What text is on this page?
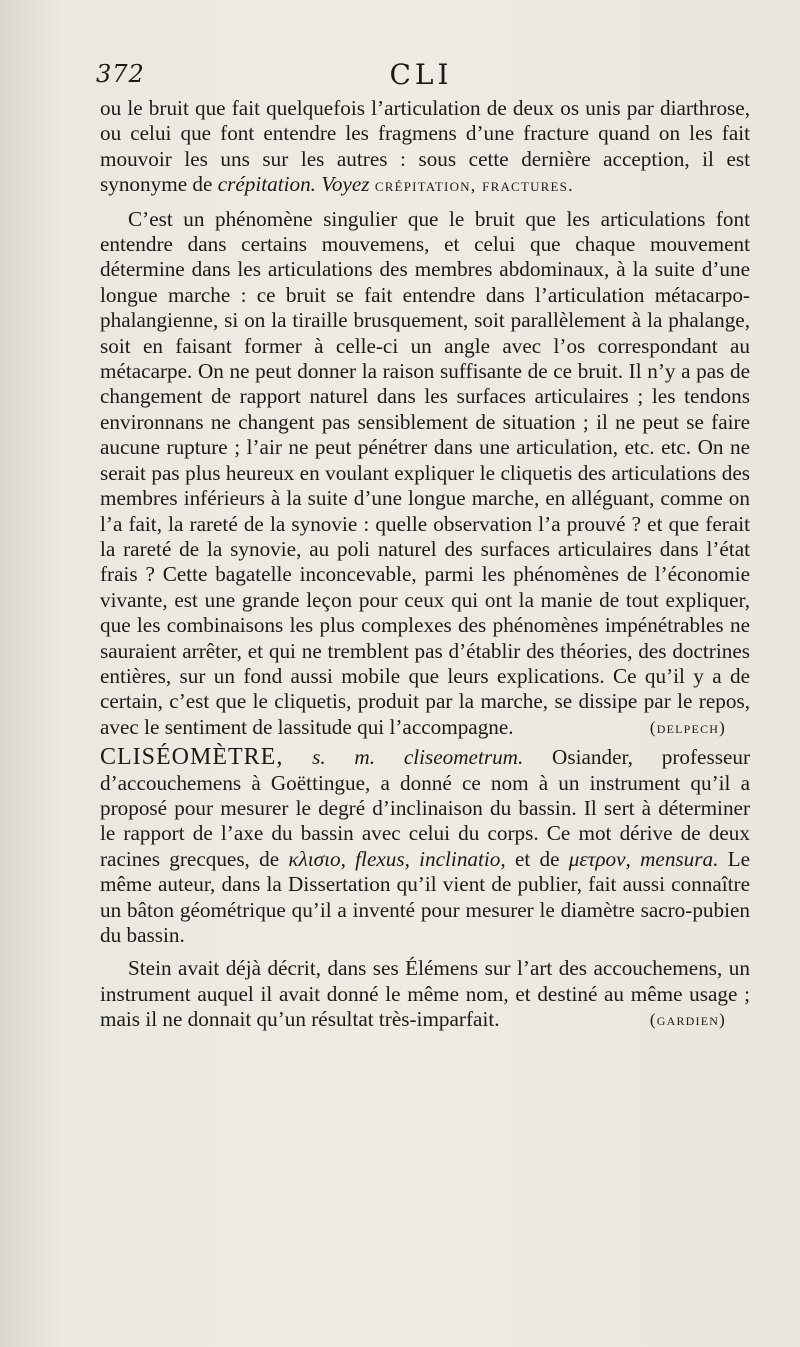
372	CLI

ou le bruit que fait quelquefois l’articulation de deux os unis par diarthrose, ou celui que font entendre les fragmens d’une fracture quand on les fait mouvoir les uns sur les autres : sous cette dernière acception, il est synonyme de crépitation. Voyez crépitation, fractures.

C’est un phénomène singulier que le bruit que les articulations font entendre dans certains mouvemens, et celui que chaque mouvement détermine dans les articulations des membres abdominaux, à la suite d’une longue marche : ce bruit se fait entendre dans l’articulation métacarpo-phalangienne, si on la tiraille brusquement, soit parallèlement à la phalange, soit en faisant former à celle-ci un angle avec l’os correspondant au métacarpe. On ne peut donner la raison suffisante de ce bruit. Il n’y a pas de changement de rapport naturel dans les surfaces articulaires ; les tendons environnans ne changent pas sensiblement de situation ; il ne peut se faire aucune rupture ; l’air ne peut pénétrer dans une articulation, etc. etc. On ne serait pas plus heureux en voulant expliquer le cliquetis des articulations des membres inférieurs à la suite d’une longue marche, en alléguant, comme on l’a fait, la rareté de la synovie : quelle observation l’a prouvé ? et que ferait la rareté de la synovie, au poli naturel des surfaces articulaires dans l’état frais ? Cette bagatelle inconcevable, parmi les phénomènes de l’économie vivante, est une grande leçon pour ceux qui ont la manie de tout expliquer, que les combinaisons les plus complexes des phénomènes impénétrables ne sauraient arrêter, et qui ne tremblent pas d’établir des théories, des doctrines entières, sur un fond aussi mobile que leurs explications. Ce qu’il y a de certain, c’est que le cliquetis, produit par la marche, se dissipe par le repos, avec le sentiment de lassitude qui l’accompagne.	(delpech)

CLISÉOMÈTRE, s. m. cliseometrum. Osiander, professeur d’accouchemens à Goëttingue, a donné ce nom à un instrument qu’il a proposé pour mesurer le degré d’inclinaison du bassin. Il sert à déterminer le rapport de l’axe du bassin avec celui du corps. Ce mot dérive de deux racines grecques, de κλισιο, flexus, inclinatio, et de μετρον, mensura. Le même auteur, dans la Dissertation qu’il vient de publier, fait aussi connaître un bâton géométrique qu’il a inventé pour mesurer le diamètre sacro-pubien du bassin.

Stein avait déjà décrit, dans ses Élémens sur l’art des accouchemens, un instrument auquel il avait donné le même nom, et destiné au même usage ; mais il ne donnait qu’un résultat très-imparfait.	(gardien)
